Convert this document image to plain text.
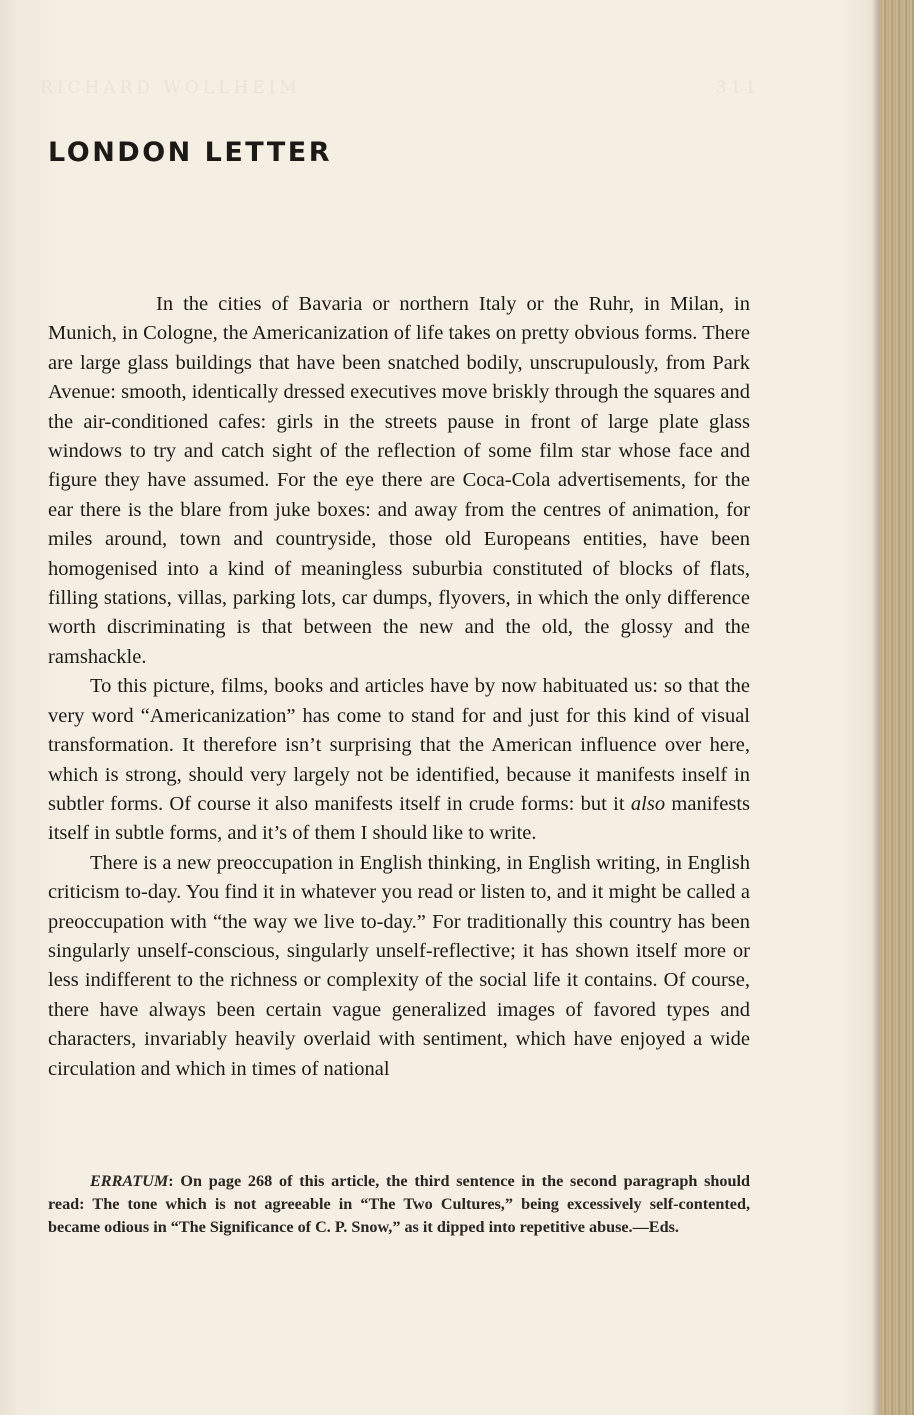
RICHARD WOLLHEIM	311
LONDON LETTER

In the cities of Bavaria or northern Italy or the Ruhr, in Milan, in Munich, in Cologne, the Americanization of life takes on pretty obvious forms. There are large glass buildings that have been snatched bodily, unscrupulously, from Park Avenue: smooth, identically dressed executives move briskly through the squares and the air-conditioned cafes: girls in the streets pause in front of large plate glass windows to try and catch sight of the reflection of some film star whose face and figure they have assumed. For the eye there are Coca-Cola advertisements, for the ear there is the blare from juke boxes: and away from the centres of animation, for miles around, town and countryside, those old Europeans entities, have been homogenised into a kind of meaningless suburbia constituted of blocks of flats, filling stations, villas, parking lots, car dumps, flyovers, in which the only difference worth discriminating is that between the new and the old, the glossy and the ramshackle.

To this picture, films, books and articles have by now habituated us: so that the very word “Americanization” has come to stand for and just for this kind of visual transformation. It therefore isn’t surprising that the American influence over here, which is strong, should very largely not be identified, because it manifests inself in subtler forms. Of course it also manifests itself in crude forms: but it also manifests itself in subtle forms, and it’s of them I should like to write.

There is a new preoccupation in English thinking, in English writing, in English criticism to-day. You find it in whatever you read or listen to, and it might be called a preoccupation with “the way we live to-day.” For traditionally this country has been singularly unself-conscious, singularly unself-reflective; it has shown itself more or less indifferent to the richness or complexity of the social life it contains. Of course, there have always been certain vague generalized images of favored types and characters, invariably heavily overlaid with sentiment, which have enjoyed a wide circulation and which in times of national

ERRATUM: On page 268 of this article, the third sentence in the second paragraph should read: The tone which is not agreeable in “The Two Cultures,” being excessively self-contented, became odious in “The Significance of C. P. Snow,” as it dipped into repetitive abuse.—Eds.
